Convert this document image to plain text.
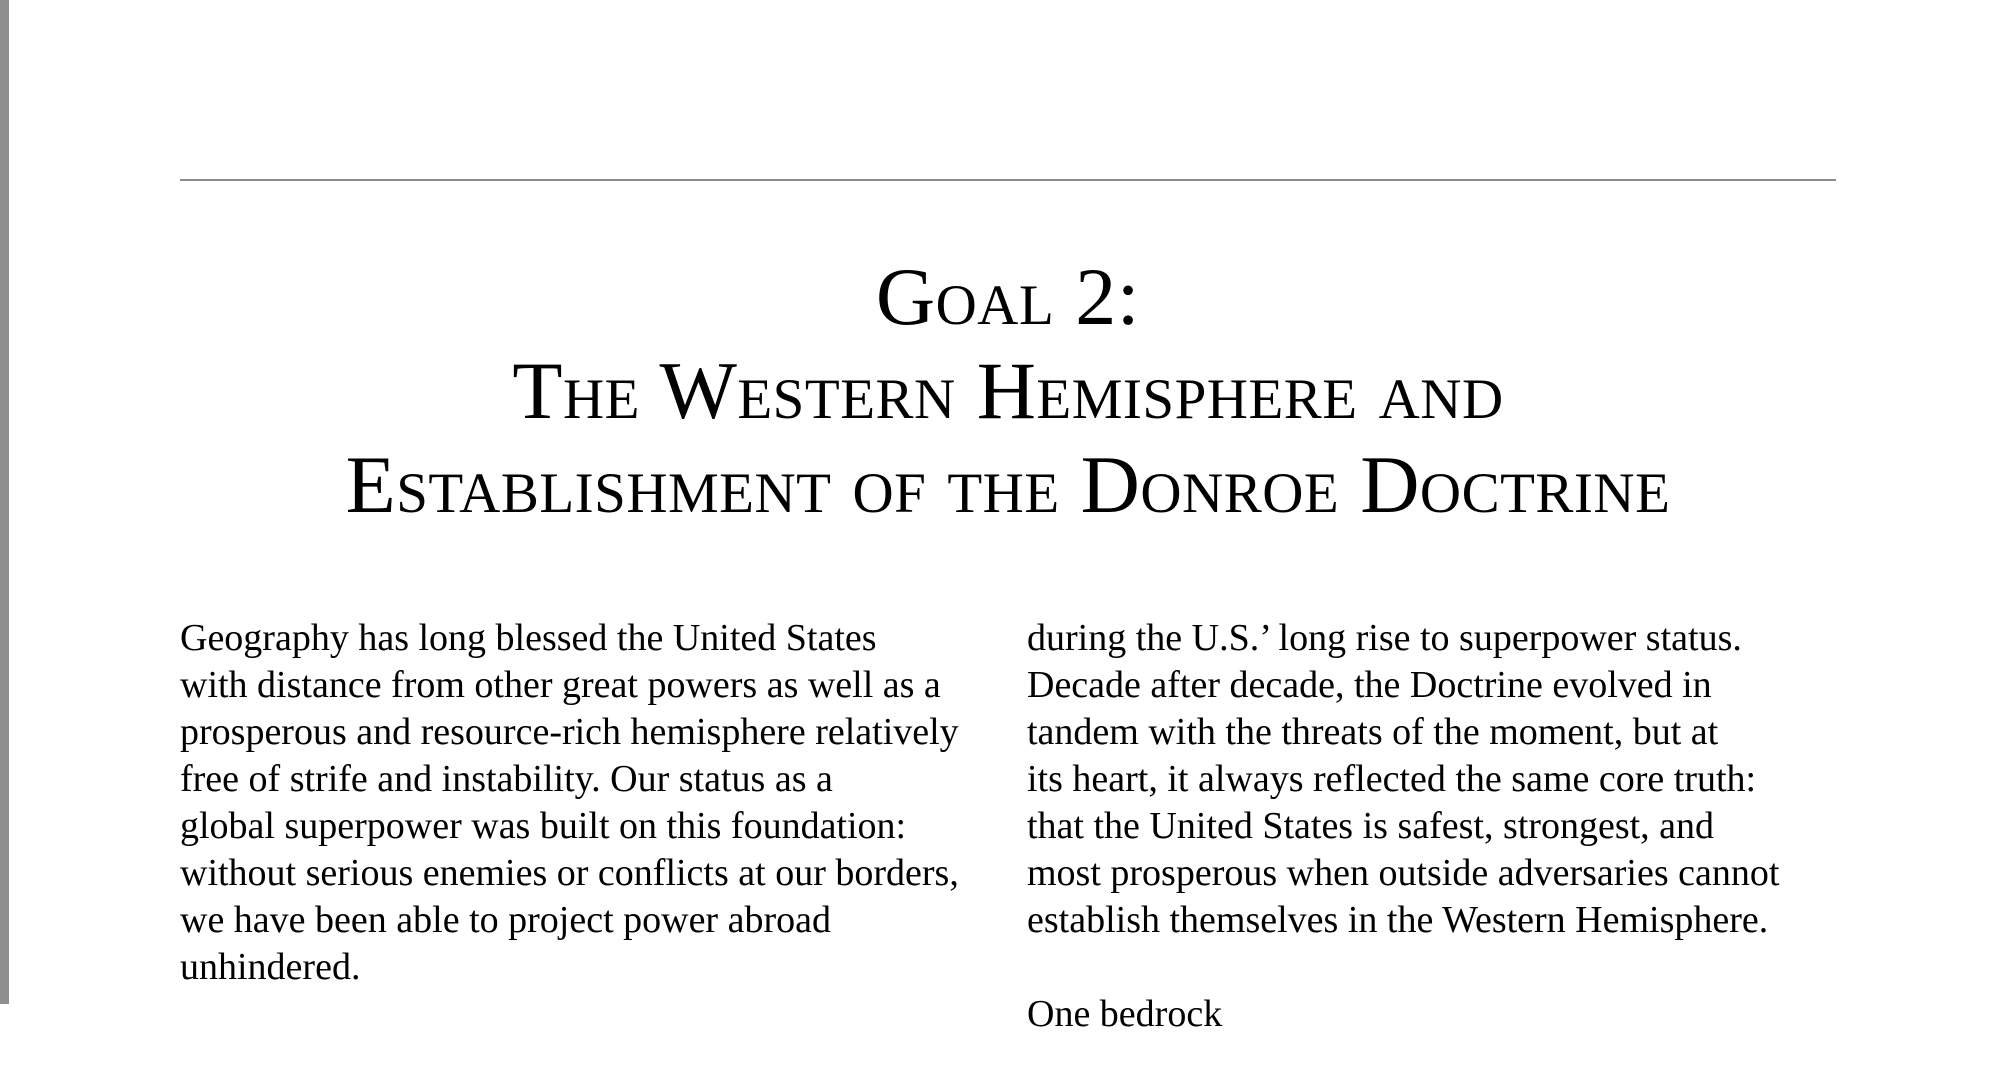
Goal 2:
The Western Hemisphere and
Establishment of the Donroe Doctrine

Geography has long blessed the United States
with distance from other great powers as well as a
prosperous and resource-rich hemisphere relatively
free of strife and instability. Our status as a
global superpower was built on this foundation:
without serious enemies or conflicts at our borders,
we have been able to project power abroad
unhindered.

during the U.S.’ long rise to superpower status.
Decade after decade, the Doctrine evolved in
tandem with the threats of the moment, but at
its heart, it always reflected the same core truth:
that the United States is safest, strongest, and
most prosperous when outside adversaries cannot
establish themselves in the Western Hemisphere.

One bedrock
